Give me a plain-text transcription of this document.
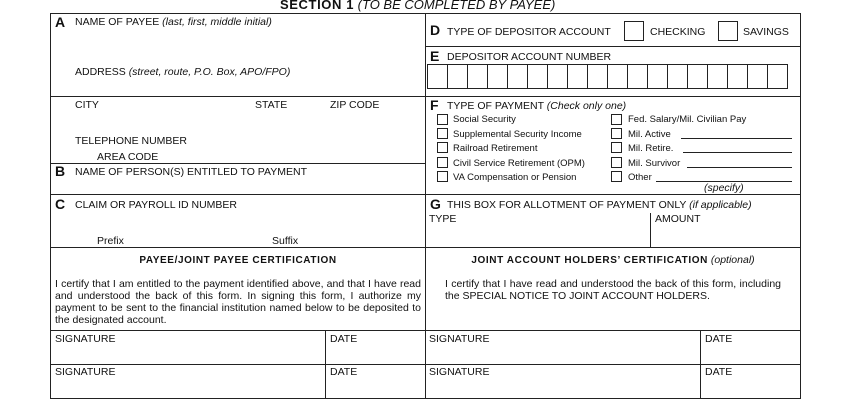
SECTION 1 (TO BE COMPLETED BY PAYEE)
A NAME OF PAYEE (last, first, middle initial)
ADDRESS (street, route, P.O. Box, APO/FPO)
CITY	STATE	ZIP CODE
TELEPHONE NUMBER
AREA CODE
B NAME OF PERSON(S) ENTITLED TO PAYMENT
C CLAIM OR PAYROLL ID NUMBER
Prefix	Suffix
D TYPE OF DEPOSITOR ACCOUNT	CHECKING	SAVINGS
E DEPOSITOR ACCOUNT NUMBER
F TYPE OF PAYMENT (Check only one)
Social Security
Supplemental Security Income
Railroad Retirement
Civil Service Retirement (OPM)
VA Compensation or Pension
Fed. Salary/Mil. Civilian Pay
Mil. Active
Mil. Retire.
Mil. Survivor
Other
(specify)
G THIS BOX FOR ALLOTMENT OF PAYMENT ONLY (if applicable)
TYPE	AMOUNT
PAYEE/JOINT PAYEE CERTIFICATION
I certify that I am entitled to the payment identified above, and that I have read and understood the back of this form. In signing this form, I authorize my payment to be sent to the financial institution named below to be deposited to the designated account.
JOINT ACCOUNT HOLDERS’ CERTIFICATION (optional)
I certify that I have read and understood the back of this form, including the SPECIAL NOTICE TO JOINT ACCOUNT HOLDERS.
SIGNATURE	DATE	SIGNATURE	DATE
SIGNATURE	DATE	SIGNATURE	DATE
